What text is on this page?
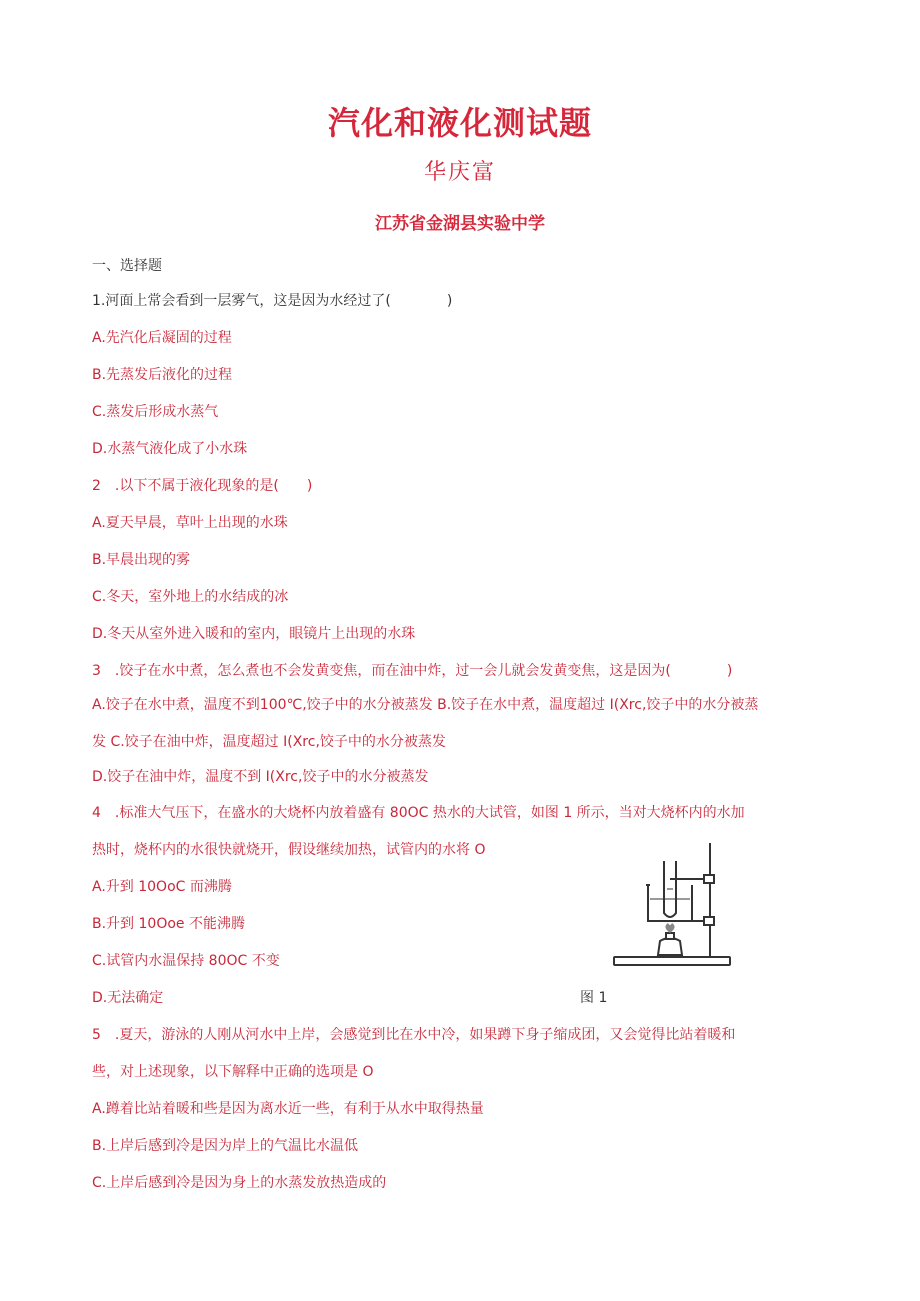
汽化和液化测试题
华庆富
江苏省金湖县实验中学
一、选择题
1.河面上常会看到一层雾气，这是因为水经过了(　　　　)
A.先汽化后凝固的过程
B.先蒸发后液化的过程
C.蒸发后形成水蒸气
D.水蒸气液化成了小水珠
2　.以下不属于液化现象的是(　　)
A.夏天早晨，草叶上出现的水珠
B.早晨出现的雾
C.冬天，室外地上的水结成的冰
D.冬天从室外进入暖和的室内，眼镜片上出现的水珠
3　.饺子在水中煮，怎么煮也不会发黄变焦，而在油中炸，过一会儿就会发黄变焦，这是因为(　　　　)
A.饺子在水中煮，温度不到100℃,饺子中的水分被蒸发 B.饺子在水中煮，温度超过 I(Xrc,饺子中的水分被蒸
发 C.饺子在油中炸，温度超过 I(Xrc,饺子中的水分被蒸发
D.饺子在油中炸，温度不到 I(Xrc,饺子中的水分被蒸发
4　.标准大气压下，在盛水的大烧杯内放着盛有 80OC 热水的大试管，如图 1 所示，当对大烧杯内的水加
热时，烧杯内的水很快就烧开，假设继续加热，试管内的水将 O
A.升到 10OoC 而沸腾
B.升到 10Ooe 不能沸腾
C.试管内水温保持 80OC 不变
D.无法确定	图 1
5　.夏天，游泳的人刚从河水中上岸，会感觉到比在水中冷，如果蹲下身子缩成团，又会觉得比站着暖和
些，对上述现象，以下解释中正确的选项是 O
A.蹲着比站着暖和些是因为离水近一些，有利于从水中取得热量
B.上岸后感到冷是因为岸上的气温比水温低
C.上岸后感到冷是因为身上的水蒸发放热造成的
